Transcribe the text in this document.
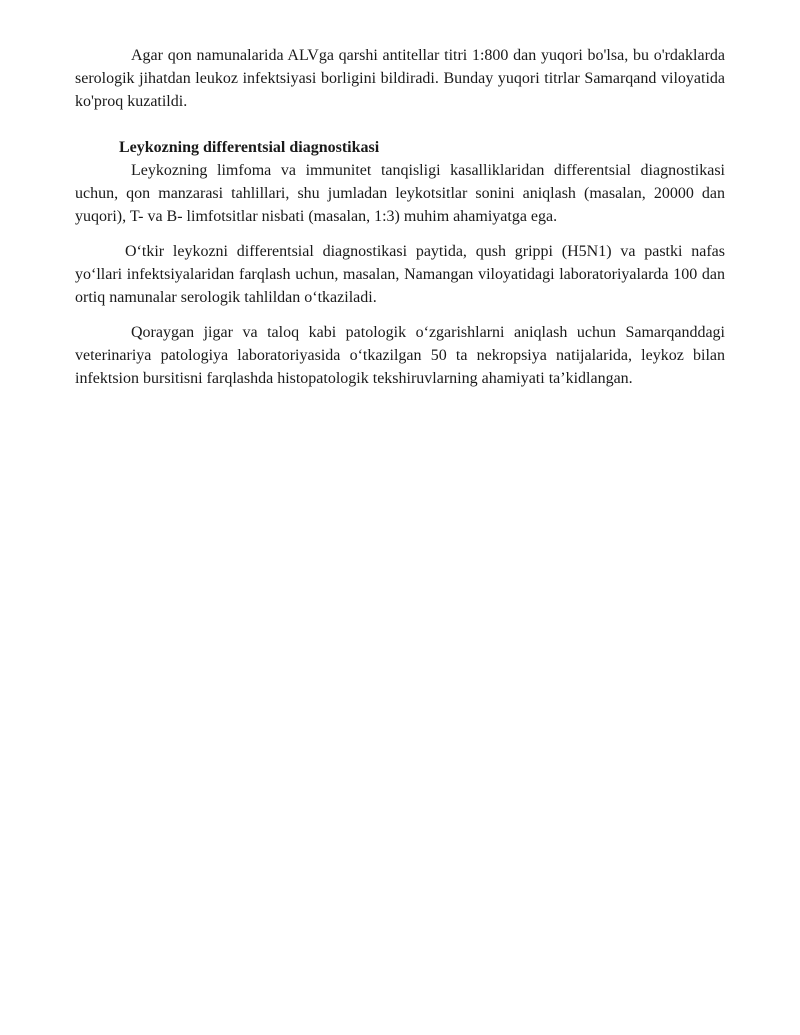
Agar qon namunalarida ALVga qarshi antitellar titri 1:800 dan yuqori bo'lsa, bu o'rdaklarda serologik jihatdan leukoz infektsiyasi borligini bildiradi. Bunday yuqori titrlar Samarqand viloyatida ko'proq kuzatildi.

Leykozning differentsial diagnostikasi

Leykozning limfoma va immunitet tanqisligi kasalliklaridan differentsial diagnostikasi uchun, qon manzarasi tahlillari, shu jumladan leykotsitlar sonini aniqlash (masalan, 20000 dan yuqori), T- va B- limfotsitlar nisbati (masalan, 1:3) muhim ahamiyatga ega.

O‘tkir leykozni differentsial diagnostikasi paytida, qush grippi (H5N1) va pastki nafas yo‘llari infektsiyalaridan farqlash uchun, masalan, Namangan viloyatidagi laboratoriyalarda 100 dan ortiq namunalar serologik tahlildan o‘tkaziladi.

Qoraygan jigar va taloq kabi patologik o‘zgarishlarni aniqlash uchun Samarqanddagi veterinariya patologiya laboratoriyasida o‘tkazilgan 50 ta nekropsiya natijalarida, leykoz bilan infektsion bursitisni farqlashda histopatologik tekshiruvlarning ahamiyati ta’kidlangan.
